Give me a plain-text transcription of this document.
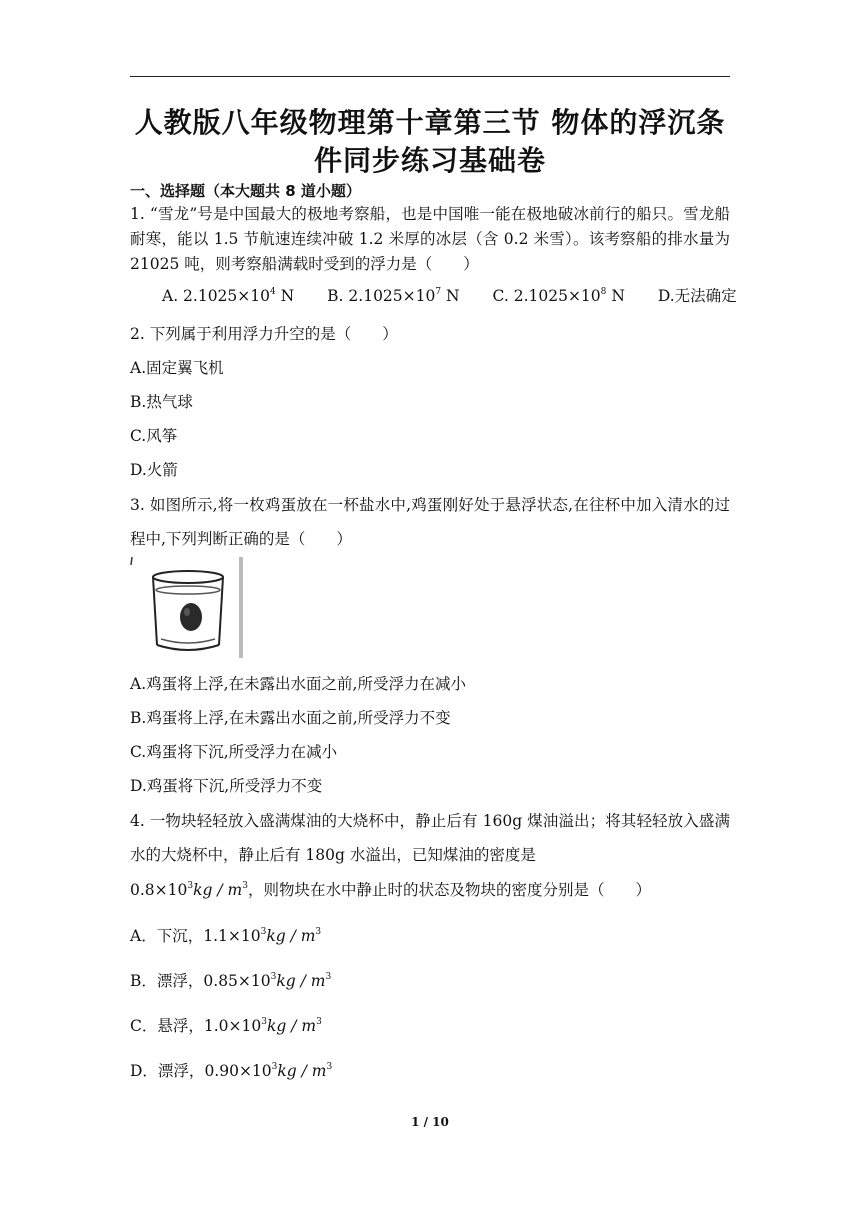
人教版八年级物理第十章第三节 物体的浮沉条件同步练习基础卷
一、选择题（本大题共 8 道小题）
1. “雪龙”号是中国最大的极地考察船，也是中国唯一能在极地破冰前行的船只。雪龙船耐寒，能以 1.5 节航速连续冲破 1.2 米厚的冰层（含 0.2 米雪）。该考察船的排水量为 21025 吨，则考察船满载时受到的浮力是（　　）
A. $2.1025\times 10^4$ N B. $2.1025\times 10^7$ N C. $2.1025\times 10^8$ N D.无法确定
2. 下列属于利用浮力升空的是（　　）
A.固定翼飞机
B.热气球
C.风筝
D.火箭
3. 如图所示,将一枚鸡蛋放在一杯盐水中,鸡蛋刚好处于悬浮状态,在往杯中加入清水的过程中,下列判断正确的是（　　）
A.鸡蛋将上浮,在未露出水面之前,所受浮力在减小
B.鸡蛋将上浮,在未露出水面之前,所受浮力不变
C.鸡蛋将下沉,所受浮力在减小
D.鸡蛋将下沉,所受浮力不变
4. 一物块轻轻放入盛满煤油的大烧杯中，静止后有 160g 煤油溢出；将其轻轻放入盛满水的大烧杯中，静止后有 180g 水溢出，已知煤油的密度是
$0.8\times 10^3kg / m^3$，则物块在水中静止时的状态及物块的密度分别是（　　）
A．下沉，$1.1\times 10^3kg / m^3$
B．漂浮，$0.85\times 10^3kg / m^3$
C．悬浮，$1.0\times 10^3kg / m^3$
D．漂浮，$0.90\times 10^3kg / m^3$
1 / 10
